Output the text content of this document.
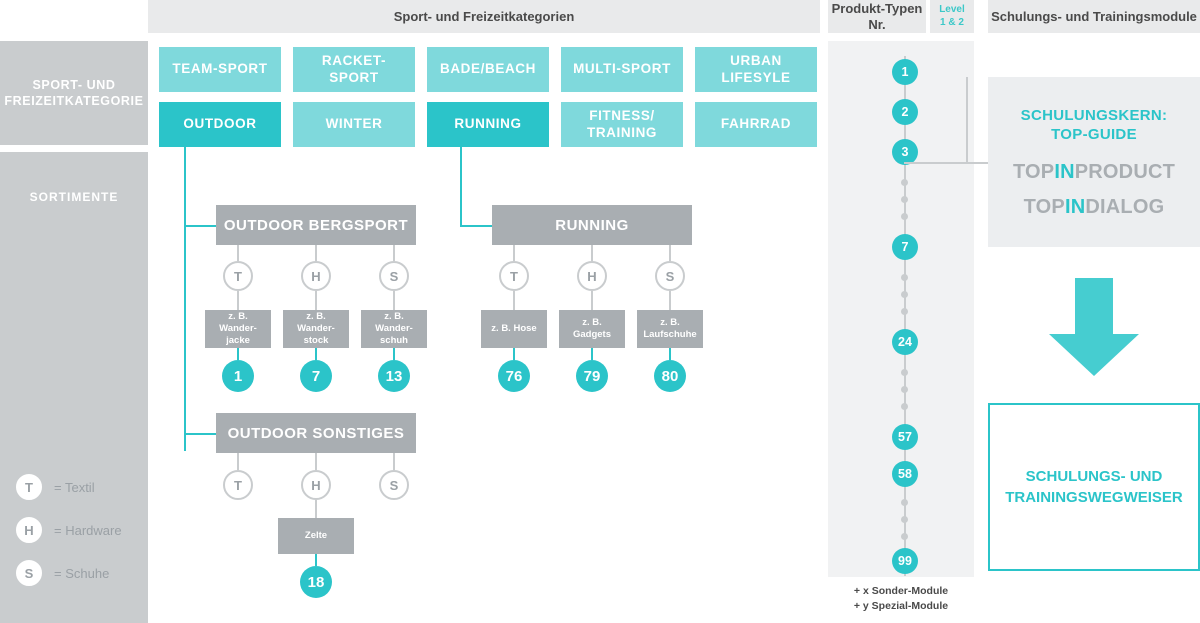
Sport- und Freizeitkategorien
Produkt-Typen
Nr.
Level
1 & 2 Schulungs- und Trainingsmodule
SPORT- UND
FREIZEITKATEGORIE
SORTIMENTE
T	= Textil
H	= Hardware
S	= Schuhe
TEAM-SPORT
RACKET-SPORT
BADE/BEACH	MULTI-SPORT
URBAN LIFESYLE
OUTDOOR	WINTER	RUNNING
FITNESS/
TRAINING
FAHRRAD
OUTDOOR BERGSPORT
T	H	S
z. B. Wander-
jacke
z. B. Wander-
stock
z. B. Wander-
schuh
1	7	13
RUNNING
T	H	S
z. B. Hose
z. B.
Gadgets
z. B.
Laufschuhe
76	79	80
OUTDOOR SONSTIGES
T	H	S
Zelte
18
1
2
3
7
24
57
58
99
+ x Sonder-Module
+ y Spezial-Module
SCHULUNGSKERN:
TOP-GUIDE
TOPINPRODUCT
TOPINDIALOG
SCHULUNGS- UND
TRAININGSWEGWEISER
